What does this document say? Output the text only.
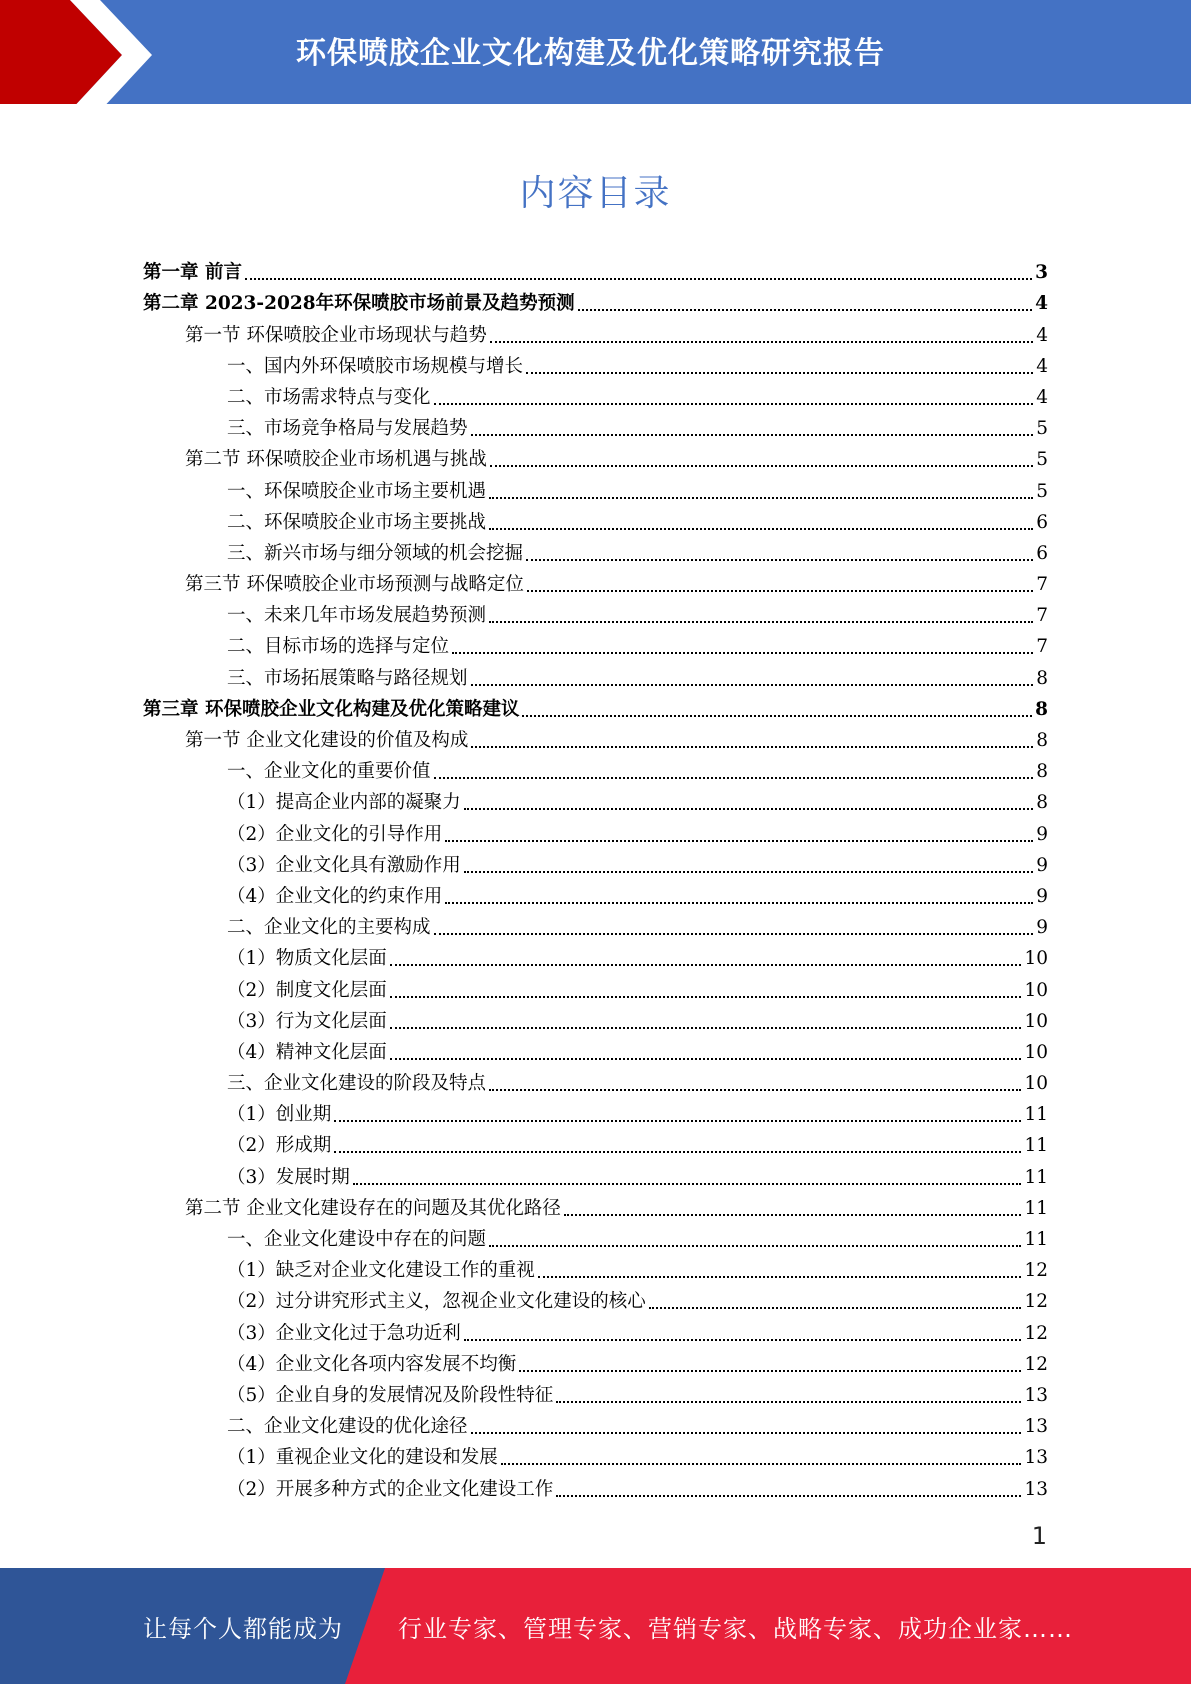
环保喷胶企业文化构建及优化策略研究报告
内容目录
第一章 前言	3
第二章 2023-2028年环保喷胶市场前景及趋势预测	4
第一节 环保喷胶企业市场现状与趋势	4
一、国内外环保喷胶市场规模与增长	4
二、市场需求特点与变化	4
三、市场竞争格局与发展趋势	5
第二节 环保喷胶企业市场机遇与挑战	5
一、环保喷胶企业市场主要机遇	5
二、环保喷胶企业市场主要挑战	6
三、新兴市场与细分领域的机会挖掘	6
第三节 环保喷胶企业市场预测与战略定位	7
一、未来几年市场发展趋势预测	7
二、目标市场的选择与定位	7
三、市场拓展策略与路径规划	8
第三章 环保喷胶企业文化构建及优化策略建议	8
第一节 企业文化建设的价值及构成	8
一、企业文化的重要价值	8
（1）提高企业内部的凝聚力	8
（2）企业文化的引导作用	9
（3）企业文化具有激励作用	9
（4）企业文化的约束作用	9
二、企业文化的主要构成	9
（1）物质文化层面	10
（2）制度文化层面	10
（3）行为文化层面	10
（4）精神文化层面	10
三、企业文化建设的阶段及特点	10
（1）创业期	11
（2）形成期	11
（3）发展时期	11
第二节 企业文化建设存在的问题及其优化路径	11
一、企业文化建设中存在的问题	11
（1）缺乏对企业文化建设工作的重视	12
（2）过分讲究形式主义，忽视企业文化建设的核心	12
（3）企业文化过于急功近利	12
（4）企业文化各项内容发展不均衡	12
（5）企业自身的发展情况及阶段性特征	13
二、企业文化建设的优化途径	13
（1）重视企业文化的建设和发展	13
（2）开展多种方式的企业文化建设工作	13
1
让每个人都能成为 行业专家、管理专家、营销专家、战略专家、成功企业家……
